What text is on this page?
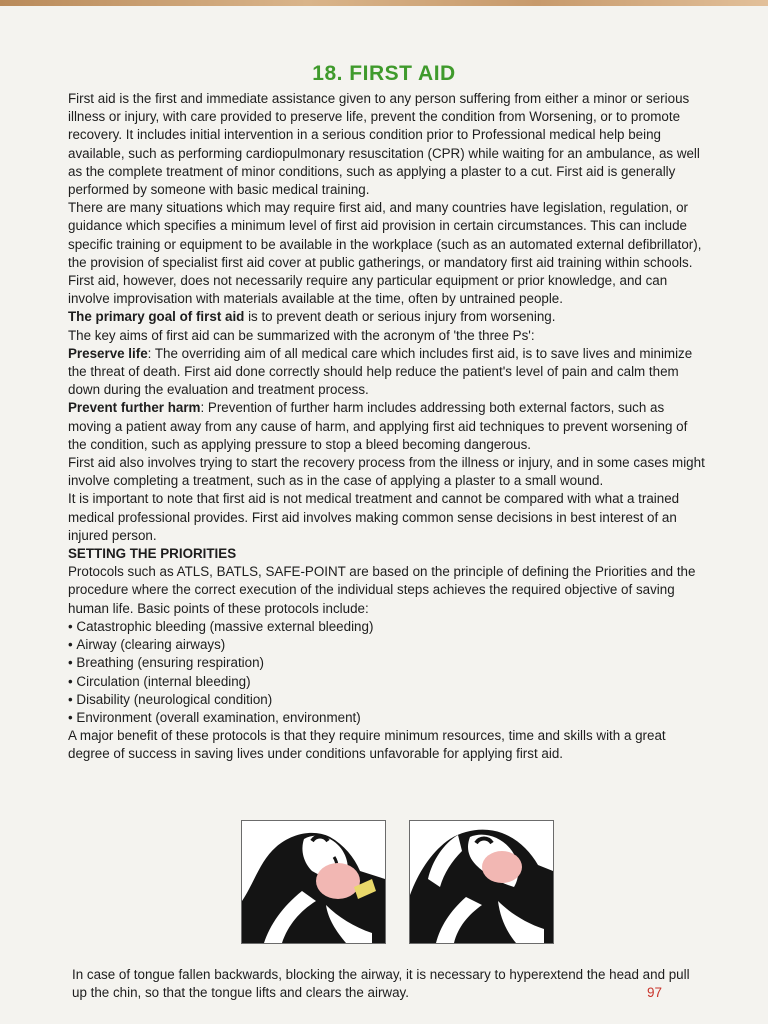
18. FIRST AID

First aid is the first and immediate assistance given to any person suffering from either a minor or serious illness or injury, with care provided to preserve life, prevent the condition from Worsening, or to promote recovery. It includes initial intervention in a serious condition prior to Professional medical help being available, such as performing cardiopulmonary resuscitation (CPR) while waiting for an ambulance, as well as the complete treatment of minor conditions, such as applying a plaster to a cut. First aid is generally performed by someone with basic medical training.

There are many situations which may require first aid, and many countries have legislation, regulation, or guidance which specifies a minimum level of first aid provision in certain circumstances. This can include specific training or equipment to be available in the workplace (such as an automated external defibrillator), the provision of specialist first aid cover at public gatherings, or mandatory first aid training within schools. First aid, however, does not necessarily require any particular equipment or prior knowledge, and can involve improvisation with materials available at the time, often by untrained people.

The primary goal of first aid is to prevent death or serious injury from worsening.

The key aims of first aid can be summarized with the acronym of 'the three Ps':

Preserve life: The overriding aim of all medical care which includes first aid, is to save lives and minimize the threat of death. First aid done correctly should help reduce the patient's level of pain and calm them down during the evaluation and treatment process.

Prevent further harm: Prevention of further harm includes addressing both external factors, such as moving a patient away from any cause of harm, and applying first aid techniques to prevent worsening of the condition, such as applying pressure to stop a bleed becoming dangerous.

First aid also involves trying to start the recovery process from the illness or injury, and in some cases might involve completing a treatment, such as in the case of applying a plaster to a small wound.

It is important to note that first aid is not medical treatment and cannot be compared with what a trained medical professional provides. First aid involves making common sense decisions in best interest of an injured person.

SETTING THE PRIORITIES

Protocols such as ATLS, BATLS, SAFE-POINT are based on the principle of defining the Priorities and the procedure where the correct execution of the individual steps achieves the required objective of saving human life. Basic points of these protocols include:

• Catastrophic bleeding (massive external bleeding)
• Airway (clearing airways)
• Breathing (ensuring respiration)
• Circulation (internal bleeding)
• Disability (neurological condition)
• Environment (overall examination, environment)

A major benefit of these protocols is that they require minimum resources, time and skills with a great degree of success in saving lives under conditions unfavorable for applying first aid.

In case of tongue fallen backwards, blocking the airway, it is necessary to hyperextend the head and pull up the chin, so that the tongue lifts and clears the airway.	97
